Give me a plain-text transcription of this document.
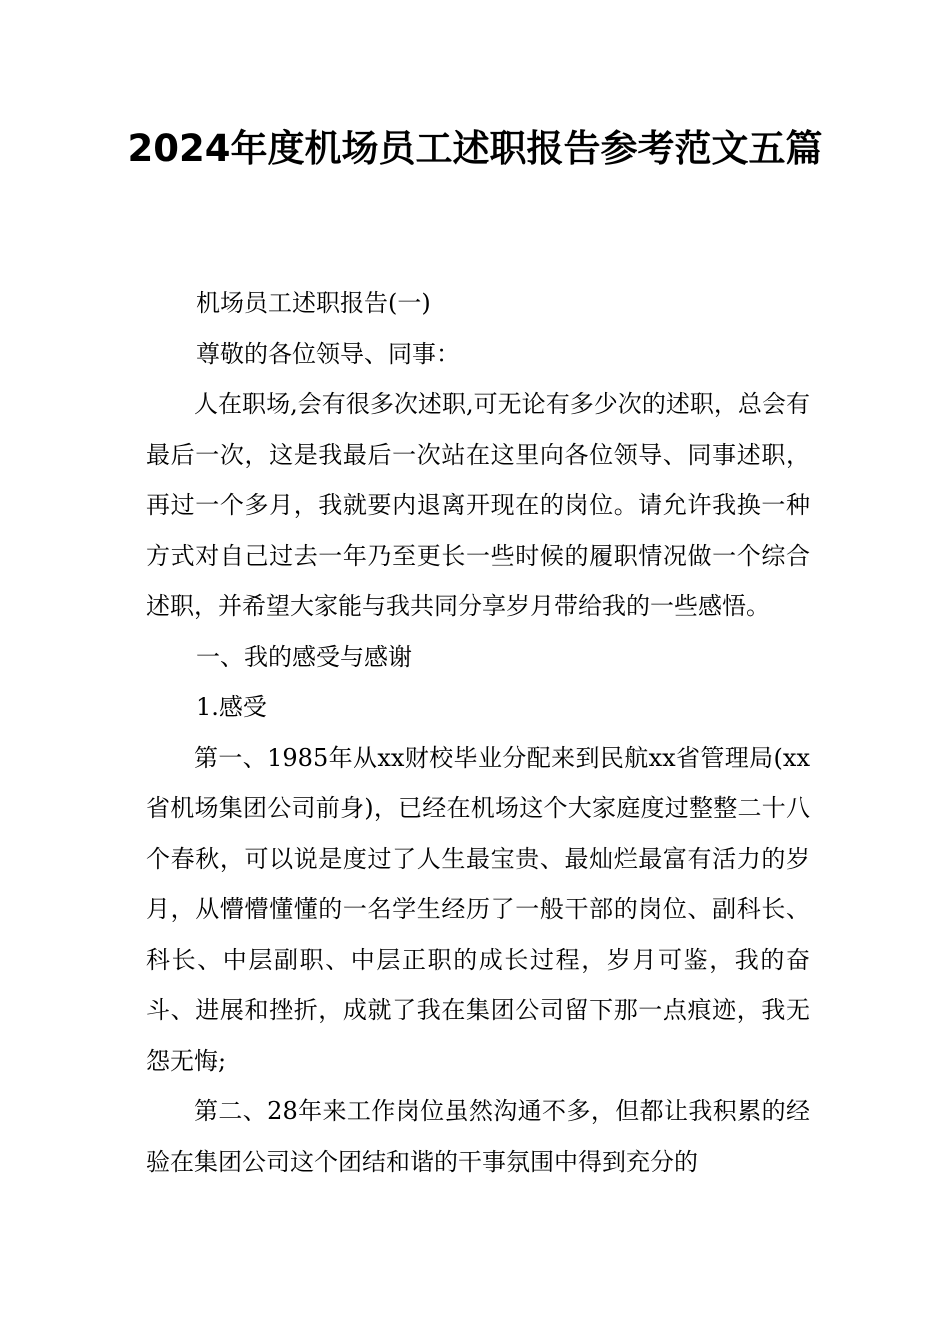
2024年度机场员工述职报告参考范文五篇

机场员工述职报告(一)

尊敬的各位领导、同事：

人在职场,会有很多次述职,可无论有多少次的述职，总会有最后一次，这是我最后一次站在这里向各位领导、同事述职，再过一个多月，我就要内退离开现在的岗位。请允许我换一种方式对自己过去一年乃至更长一些时候的履职情况做一个综合述职，并希望大家能与我共同分享岁月带给我的一些感悟。

一、我的感受与感谢

1.感受

第一、1985年从xx财校毕业分配来到民航xx省管理局(xx省机场集团公司前身)，已经在机场这个大家庭度过整整二十八个春秋，可以说是度过了人生最宝贵、最灿烂最富有活力的岁月，从懵懵懂懂的一名学生经历了一般干部的岗位、副科长、科长、中层副职、中层正职的成长过程，岁月可鉴，我的奋斗、进展和挫折，成就了我在集团公司留下那一点痕迹，我无怨无悔;

第二、28年来工作岗位虽然沟通不多，但都让我积累的经验在集团公司这个团结和谐的干事氛围中得到充分的
